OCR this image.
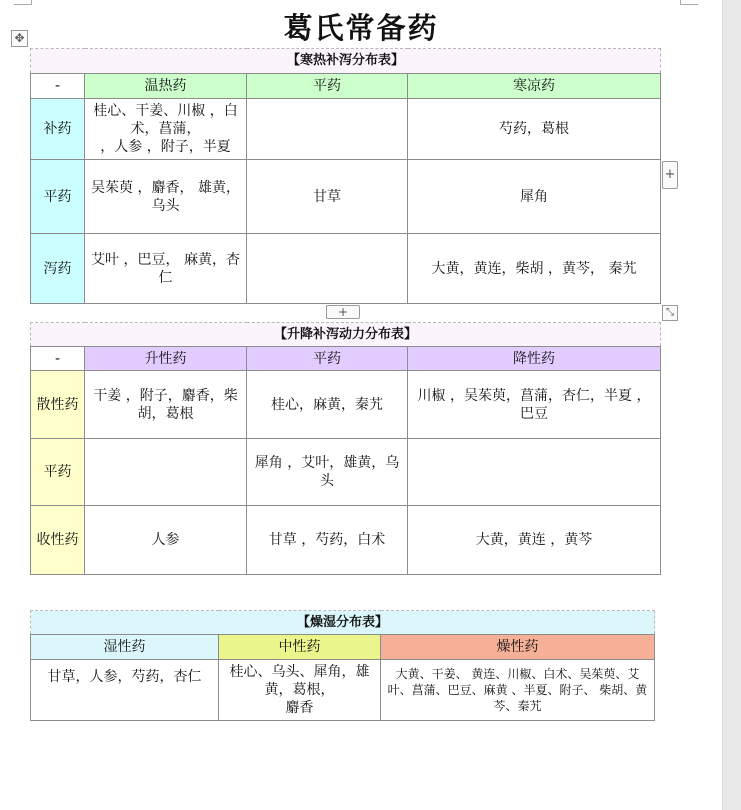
葛氏常备药
✥
+
+	⤡
【寒热补泻分布表】			
-	温热药	平药	寒凉药
补药	桂心、干姜、川椒 ，白术，菖蒲，
，人参 ，附子，半夏		芍药，葛根
平药	吴茱萸 ，麝香， 雄黄，乌头	甘草	犀角
泻药	艾叶 ，巴豆， 麻黄，杏仁		大黄，黄连，柴胡 ，黄芩， 秦艽
【升降补泻动力分布表】			
-	升性药	平药	降性药
散性药	干姜 ，附子，麝香，柴胡，葛根	桂心，麻黄，秦艽	川椒 ，吴茱萸，菖蒲，杏仁，半夏 ，巴豆
平药		犀角 ，艾叶，雄黄，乌头	
收性药	人参	甘草 ，芍药，白术	大黄，黄连 ，黄芩
【燥湿分布表】		
湿性药	中性药	燥性药
甘草，人参，芍药，杏仁	桂心、乌头、犀角，雄黄，葛根，
麝香	大黄、干姜、 黄连、川椒、白术、吴茱萸、艾叶、菖蒲、巴豆、麻黄 、半夏、附子、 柴胡、黄芩、秦艽
